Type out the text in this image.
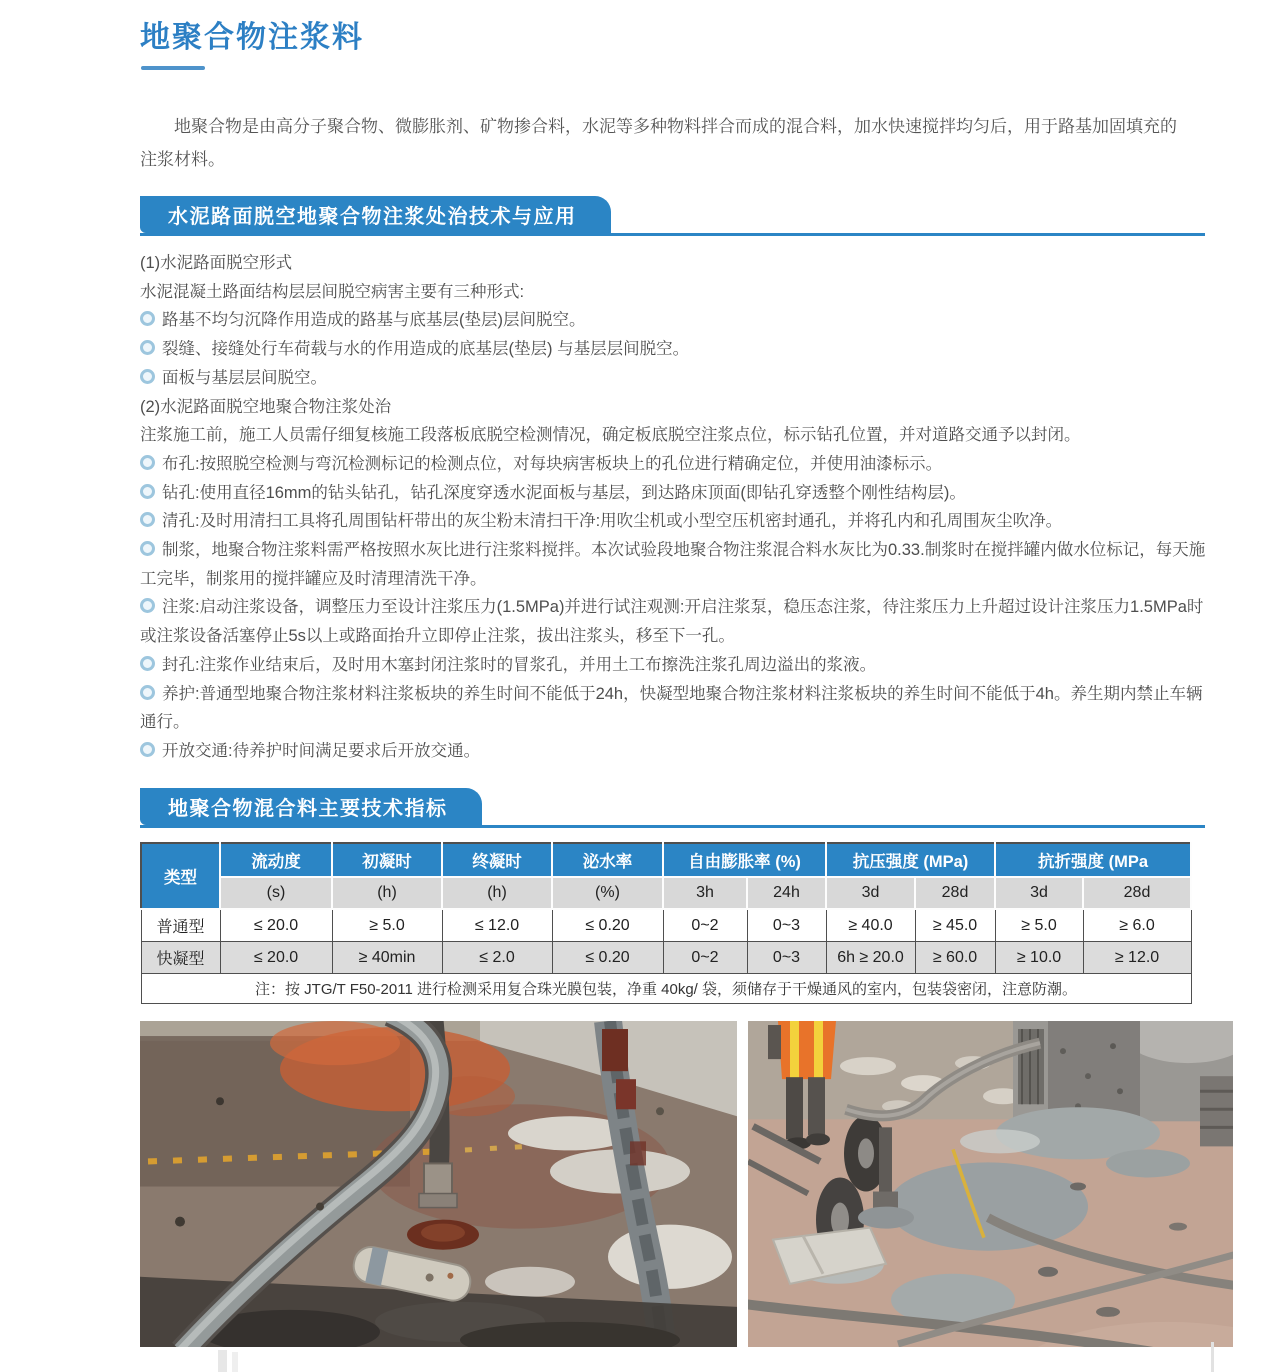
地聚合物注浆料
地聚合物是由高分子聚合物、微膨胀剂、矿物掺合料，水泥等多种物料拌合而成的混合料，加水快速搅拌均匀后，用于路基加固填充的注浆材料。
水泥路面脱空地聚合物注浆处治技术与应用

(1)水泥路面脱空形式

水泥混凝土路面结构层层间脱空病害主要有三种形式:

路基不均匀沉降作用造成的路基与底基层(垫层)层间脱空。

裂缝、接缝处行车荷载与水的作用造成的底基层(垫层) 与基层层间脱空。

面板与基层层间脱空。

(2)水泥路面脱空地聚合物注浆处治

注浆施工前，施工人员需仔细复核施工段落板底脱空检测情况，确定板底脱空注浆点位，标示钻孔位置，并对道路交通予以封闭。

布孔:按照脱空检测与弯沉检测标记的检测点位，对每块病害板块上的孔位进行精确定位，并使用油漆标示。

钻孔:使用直径16mm的钻头钻孔，钻孔深度穿透水泥面板与基层，到达路床顶面(即钻孔穿透整个刚性结构层)。

清孔:及时用清扫工具将孔周围钻杆带出的灰尘粉末清扫干净:用吹尘机或小型空压机密封通孔，并将孔内和孔周围灰尘吹净。

制浆，地聚合物注浆料需严格按照水灰比进行注浆料搅拌。本次试验段地聚合物注浆混合料水灰比为0.33.制浆时在搅拌罐内做水位标记，每天施工完毕，制浆用的搅拌罐应及时清理清洗干净。

注浆:启动注浆设备，调整压力至设计注浆压力(1.5MPa)并进行试注观测:开启注浆泵，稳压态注浆，待注浆压力上升超过设计注浆压力1.5MPa时或注浆设备活塞停止5s以上或路面抬升立即停止注浆，拔出注浆头，移至下一孔。

封孔:注浆作业结束后，及时用木塞封闭注浆时的冒浆孔，并用土工布擦洗注浆孔周边溢出的浆液。

养护:普通型地聚合物注浆材料注浆板块的养生时间不能低于24h，快凝型地聚合物注浆材料注浆板块的养生时间不能低于4h。养生期内禁止车辆通行。

开放交通:待养护时间满足要求后开放交通。

地聚合物混合料主要技术指标
类型	流动度	初凝时	终凝时	泌水率	自由膨胀率 (%)		抗压强度 (MPa)		抗折强度 (MPa	
	(s)	(h)	(h)	(%)	3h	24h	3d	28d	3d	28d
普通型	≤ 20.0	≥ 5.0	≤ 12.0	≤ 0.20	0~2	0~3	≥ 40.0	≥ 45.0	≥ 5.0	≥ 6.0
快凝型	≤ 20.0	≥ 40min	≤ 2.0	≤ 0.20	0~2	0~3	6h ≥ 20.0	≥ 60.0	≥ 10.0	≥ 12.0
注：按 JTG/T F50-2011 进行检测采用复合珠光膜包装，净重 40kg/ 袋，须储存于干燥通风的室内，包装袋密闭，注意防潮。										
